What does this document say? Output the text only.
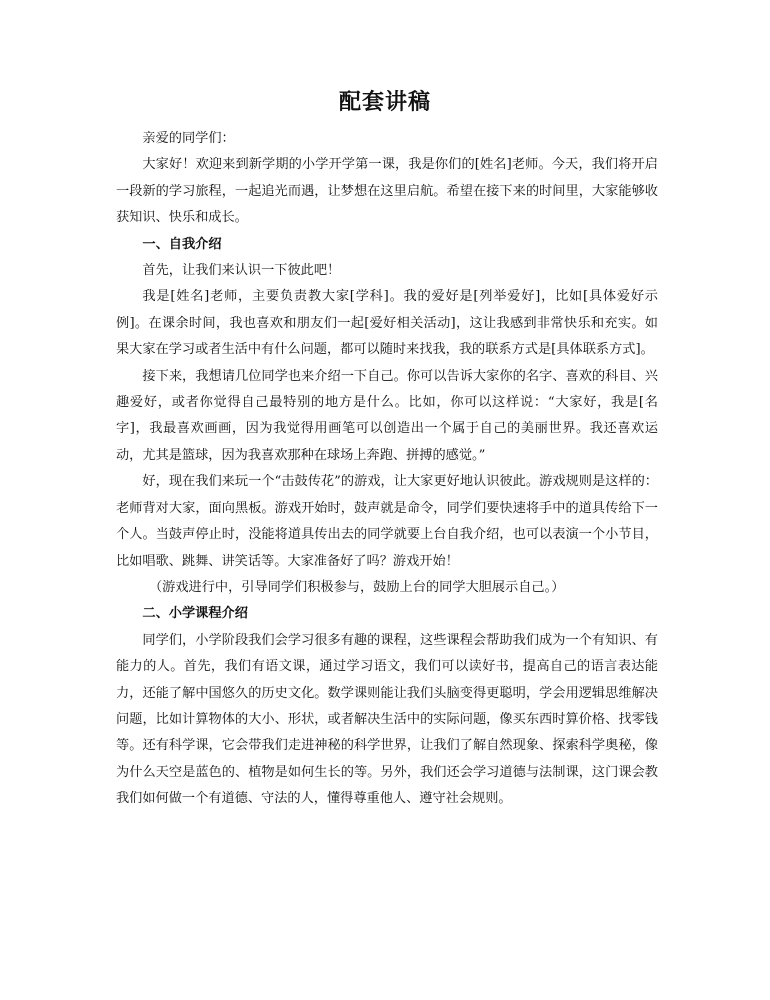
配套讲稿

亲爱的同学们：

大家好！欢迎来到新学期的小学开学第一课，我是你们的[姓名]老师。今天，我们将开启一段新的学习旅程，一起追光而遇，让梦想在这里启航。希望在接下来的时间里，大家能够收获知识、快乐和成长。

一、自我介绍

首先，让我们来认识一下彼此吧！

我是[姓名]老师，主要负责教大家[学科]。我的爱好是[列举爱好]，比如[具体爱好示例]。在课余时间，我也喜欢和朋友们一起[爱好相关活动]，这让我感到非常快乐和充实。如果大家在学习或者生活中有什么问题，都可以随时来找我，我的联系方式是[具体联系方式]。

接下来，我想请几位同学也来介绍一下自己。你可以告诉大家你的名字、喜欢的科目、兴趣爱好，或者你觉得自己最特别的地方是什么。比如，你可以这样说：“大家好，我是[名字]，我最喜欢画画，因为我觉得用画笔可以创造出一个属于自己的美丽世界。我还喜欢运动，尤其是篮球，因为我喜欢那种在球场上奔跑、拼搏的感觉。”

好，现在我们来玩一个“击鼓传花”的游戏，让大家更好地认识彼此。游戏规则是这样的：老师背对大家，面向黑板。游戏开始时，鼓声就是命令，同学们要快速将手中的道具传给下一个人。当鼓声停止时，没能将道具传出去的同学就要上台自我介绍，也可以表演一个小节目，比如唱歌、跳舞、讲笑话等。大家准备好了吗？游戏开始！

（游戏进行中，引导同学们积极参与，鼓励上台的同学大胆展示自己。）

二、小学课程介绍

同学们，小学阶段我们会学习很多有趣的课程，这些课程会帮助我们成为一个有知识、有能力的人。首先，我们有语文课，通过学习语文，我们可以读好书，提高自己的语言表达能力，还能了解中国悠久的历史文化。数学课则能让我们头脑变得更聪明，学会用逻辑思维解决问题，比如计算物体的大小、形状，或者解决生活中的实际问题，像买东西时算价格、找零钱等。还有科学课，它会带我们走进神秘的科学世界，让我们了解自然现象、探索科学奥秘，像为什么天空是蓝色的、植物是如何生长的等。另外，我们还会学习道德与法制课，这门课会教我们如何做一个有道德、守法的人，懂得尊重他人、遵守社会规则。
